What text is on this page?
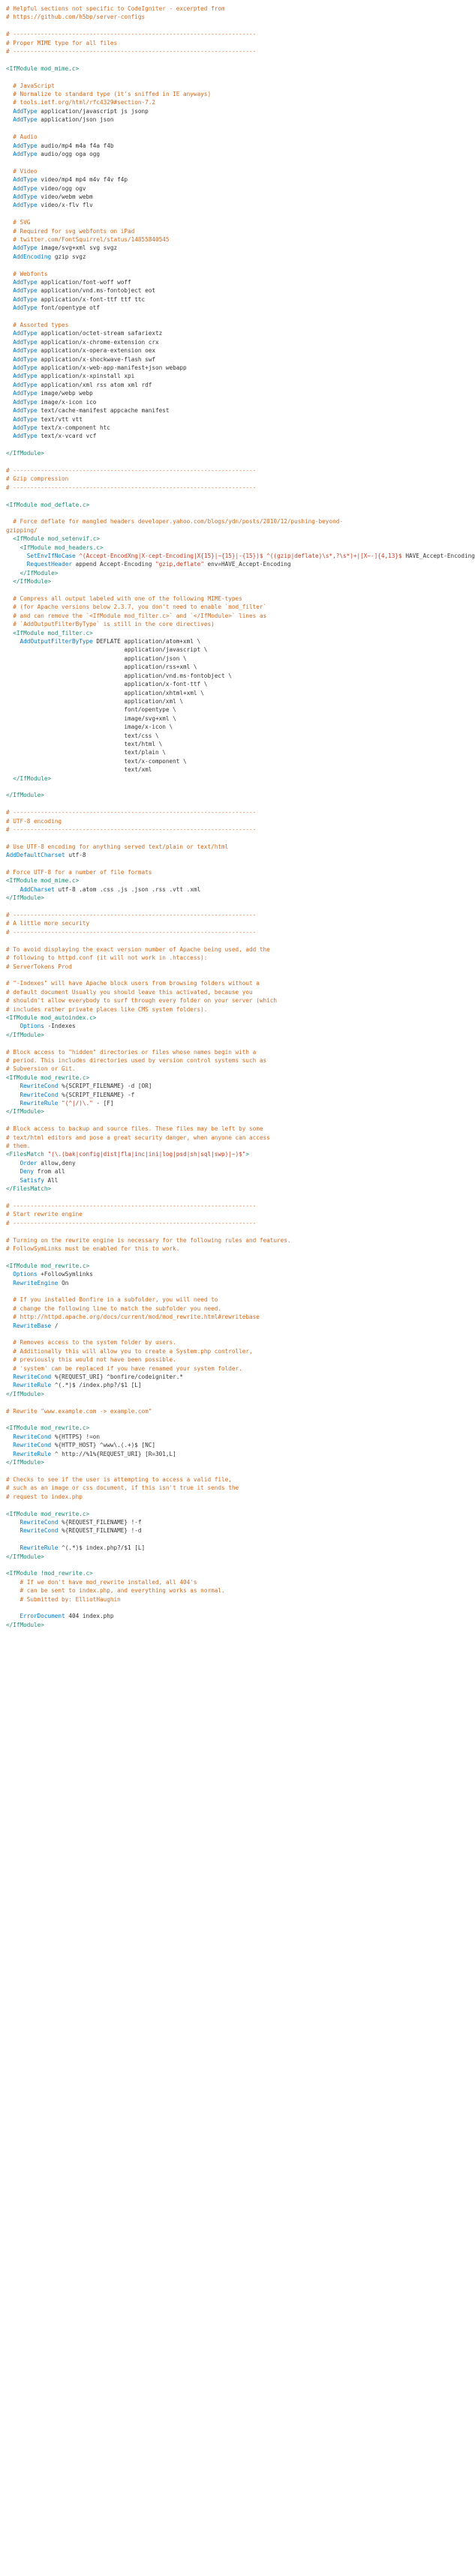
# Helpful sections not specific to CodeIgniter - excerpted from
# https://github.com/h5bp/server-configs
# ----------------------------------------------------------------------
# Proper MIME type for all files
# ----------------------------------------------------------------------
<IfModule mod_mime.c>
# JavaScript
# Normalize to standard type (it's sniffed in IE anyways)
# tools.ietf.org/html/rfc4329#section-7.2
AddType application/javascript js jsonp
AddType application/json json
# Audio
AddType audio/mp4 m4a f4a f4b
AddType audio/ogg oga ogg
# Video
AddType video/mp4 mp4 m4v f4v f4p
AddType video/ogg ogv
AddType video/webm webm
AddType video/x-flv flv
# SVG
# Required for svg webfonts on iPad
# twitter.com/FontSquirrel/status/14855840545
AddType image/svg+xml svg svgz
AddEncoding gzip svgz
# Webfonts
AddType application/font-woff woff
AddType application/vnd.ms-fontobject eot
AddType application/x-font-ttf ttf ttc
AddType font/opentype otf
# Assorted types
AddType application/octet-stream safariextz
AddType application/x-chrome-extension crx
AddType application/x-opera-extension oex
AddType application/x-shockwave-flash swf
AddType application/x-web-app-manifest+json webapp
AddType application/x-xpinstall xpi
AddType application/xml rss atom xml rdf
AddType image/webp webp
AddType image/x-icon ico
AddType text/cache-manifest appcache manifest
AddType text/vtt vtt
AddType text/x-component htc
AddType text/x-vcard vcf
</IfModule>
# ----------------------------------------------------------------------
# Gzip compression
# ----------------------------------------------------------------------
<IfModule mod_deflate.c>
# Force deflate for mangled headers developer.yahoo.com/blogs/ydn/posts/2010/12/pushing-beyond-
gzipping/
<IfModule mod_setenvif.c>
<IfModule mod_headers.c>
SetEnvIfNoCase ^(Accept-EncodXng|X-cept-Encoding|X{15}|~{15}|-{15})$ ^((gzip|deflate)\s*,?\s*)+|[X~-]{4,13}$ HAVE_Accept-Encoding
RequestHeader append Accept-Encoding "gzip,deflate" env=HAVE_Accept-Encoding
</IfModule>
</IfModule>
# Compress all output labeled with one of the following MIME-types
# (for Apache versions below 2.3.7, you don't need to enable `mod_filter`
# and can remove the `<IfModule mod_filter.c>` and `</IfModule>` lines as
# `AddOutputFilterByType` is still in the core directives)
<IfModule mod_filter.c>
AddOutputFilterByType DEFLATE application/atom+xml \
application/javascript \
application/json \
application/rss+xml \
application/vnd.ms-fontobject \
application/x-font-ttf \
application/xhtml+xml \
application/xml \
font/opentype \
image/svg+xml \
image/x-icon \
text/css \
text/html \
text/plain \
text/x-component \
text/xml
</IfModule>
</IfModule>
# ----------------------------------------------------------------------
# UTF-8 encoding
# ----------------------------------------------------------------------
# Use UTF-8 encoding for anything served text/plain or text/html
AddDefaultCharset utf-8
# Force UTF-8 for a number of file formats
<IfModule mod_mime.c>
AddCharset utf-8 .atom .css .js .json .rss .vtt .xml
</IfModule>
# ----------------------------------------------------------------------
# A little more security
# ----------------------------------------------------------------------
# To avoid displaying the exact version number of Apache being used, add the
# following to httpd.conf (it will not work in .htaccess):
# ServerTokens Prod
# "-Indexes" will have Apache block users from browsing folders without a
# default document Usually you should leave this activated, because you
# shouldn't allow everybody to surf through every folder on your server (which
# includes rather private places like CMS system folders).
<IfModule mod_autoindex.c>
Options -Indexes
</IfModule>
# Block access to "hidden" directories or files whose names begin with a
# period. This includes directories used by version control systems such as
# Subversion or Git.
<IfModule mod_rewrite.c>
RewriteCond %{SCRIPT_FILENAME} -d [OR]
RewriteCond %{SCRIPT_FILENAME} -f
RewriteRule "(^|/)\." - [F]
</IfModule>
# Block access to backup and source files. These files may be left by some
# text/html editors and pose a great security danger, when anyone can access
# them.
<FilesMatch "(\.(bak|config|dist|fla|inc|ini|log|psd|sh|sql|swp)|~)$">
Order allow,deny
Deny from all
Satisfy All
</FilesMatch>
# ----------------------------------------------------------------------
# Start rewrite engine
# ----------------------------------------------------------------------
# Turning on the rewrite engine is necessary for the following rules and features.
# FollowSymLinks must be enabled for this to work.
<IfModule mod_rewrite.c>
Options +FollowSymlinks
RewriteEngine On
# If you installed Bonfire in a subfolder, you will need to
# change the following line to match the subfolder you need.
# http://httpd.apache.org/docs/current/mod/mod_rewrite.html#rewritebase
RewriteBase /
# Removes access to the system folder by users.
# Additionally this will allow you to create a System.php controller,
# previously this would not have been possible.
# 'system' can be replaced if you have renamed your system folder.
RewriteCond %{REQUEST_URI} ^bonfire/codeigniter.*
RewriteRule ^(.*)$ /index.php?/$1 [L]
</IfModule>
# Rewrite "www.example.com -> example.com"
<IfModule mod_rewrite.c>
RewriteCond %{HTTPS} !=on
RewriteCond %{HTTP_HOST} ^www\.(.+)$ [NC]
RewriteRule ^ http://%1%{REQUEST_URI} [R=301,L]
</IfModule>
# Checks to see if the user is attempting to access a valid file,
# such as an image or css document, if this isn't true it sends the
# request to index.php
<IfModule mod_rewrite.c>
RewriteCond %{REQUEST_FILENAME} !-f
RewriteCond %{REQUEST_FILENAME} !-d
RewriteRule ^(.*)$ index.php?/$1 [L]
</IfModule>
<IfModule !mod_rewrite.c>
# If we don't have mod_rewrite installed, all 404's
# can be sent to index.php, and everything works as normal.
# Submitted by: ElliotHaughin
ErrorDocument 404 index.php
</IfModule>
